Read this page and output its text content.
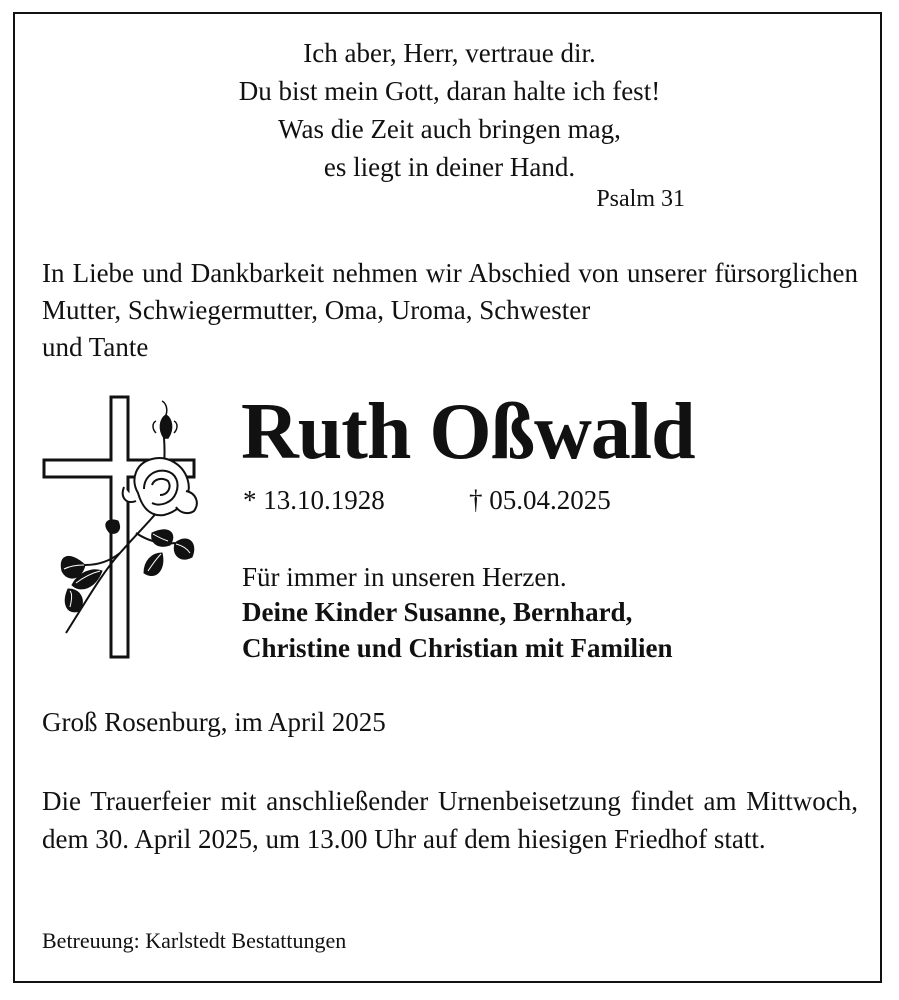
Ich aber, Herr, vertraue dir.
Du bist mein Gott, daran halte ich fest!
Was die Zeit auch bringen mag,
es liegt in deiner Hand.
Psalm 31
In Liebe und Dankbarkeit nehmen wir Abschied von unserer fürsorglichen Mutter, Schwiegermutter, Oma, Uroma, Schwester
und Tante
Ruth Oßwald
* 13.10.1928	† 05.04.2025
Für immer in unseren Herzen.
Deine Kinder Susanne, Bernhard,
Christine und Christian mit Familien
Groß Rosenburg, im April 2025
Die Trauerfeier mit anschließender Urnenbeisetzung findet am Mittwoch, dem 30. April 2025, um 13.00 Uhr auf dem hiesigen Friedhof statt.
Betreuung: Karlstedt Bestattungen
